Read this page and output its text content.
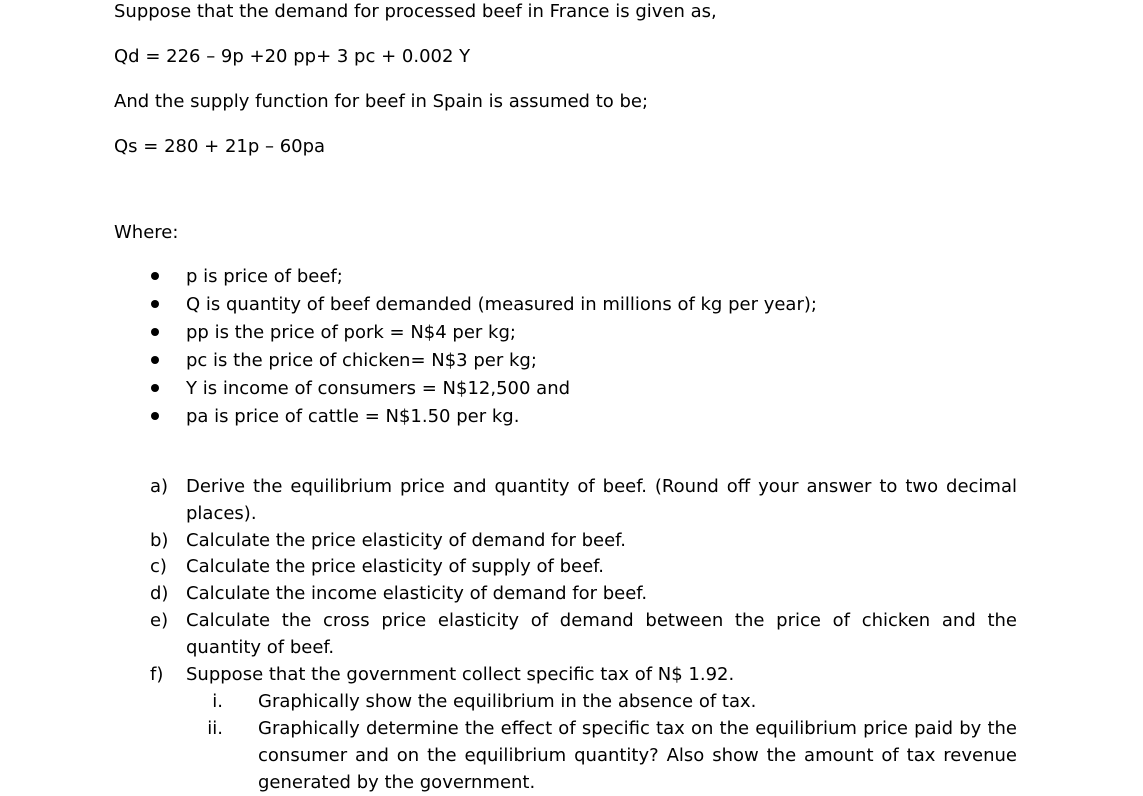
Suppose that the demand for processed beef in France is given as,
Qd = 226 – 9p +20 pp+ 3 pc + 0.002 Y
And the supply function for beef in Spain is assumed to be;
Qs = 280 + 21p – 60pa
Where:
p is price of beef;
Q is quantity of beef demanded (measured in millions of kg per year);
pp is the price of pork = N$4 per kg;
pc is the price of chicken= N$3 per kg;
Y is income of consumers = N$12,500 and
pa is price of cattle = N$1.50 per kg.
a) Derive the equilibrium price and quantity of beef. (Round off your answer to two decimal places).
b) Calculate the price elasticity of demand for beef.
c) Calculate the price elasticity of supply of beef.
d) Calculate the income elasticity of demand for beef.
e) Calculate the cross price elasticity of demand between the price of chicken and the quantity of beef.
f) Suppose that the government collect specific tax of N$ 1.92.
i. Graphically show the equilibrium in the absence of tax.
ii. Graphically determine the effect of specific tax on the equilibrium price paid by the consumer and on the equilibrium quantity? Also show the amount of tax revenue generated by the government.
